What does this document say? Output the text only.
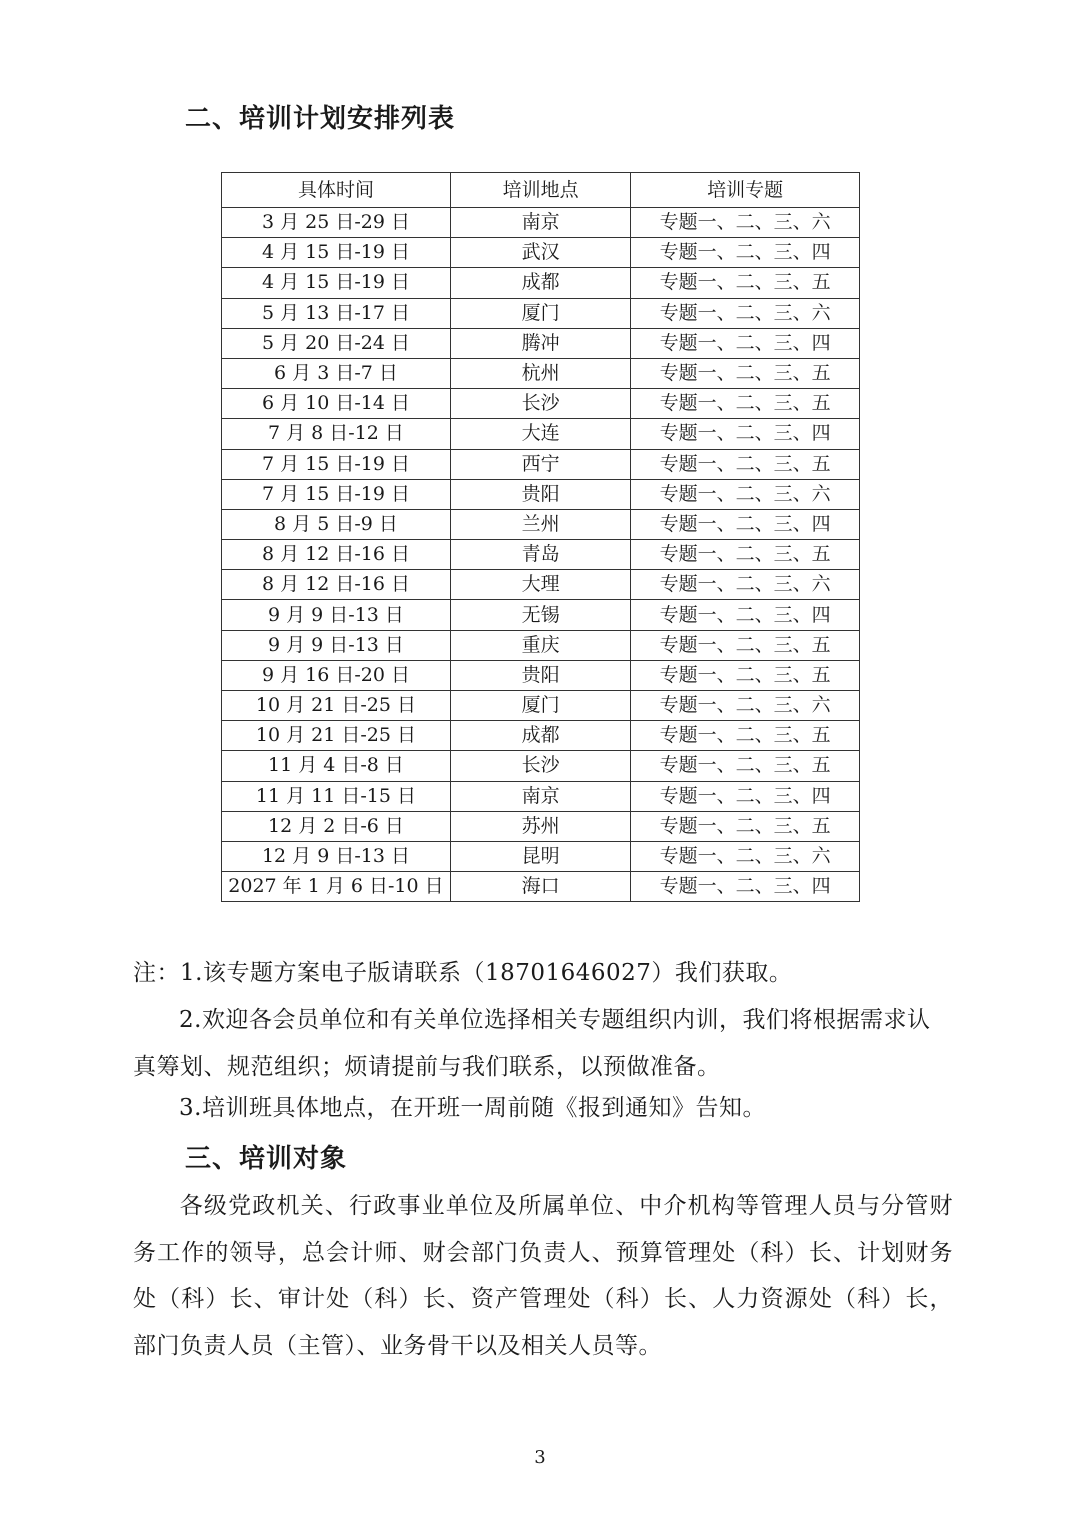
二、培训计划安排列表
具体时间	培训地点	培训专题
3 月 25 日-29 日	南京	专题一、二、三、六
4 月 15 日-19 日	武汉	专题一、二、三、四
4 月 15 日-19 日	成都	专题一、二、三、五
5 月 13 日-17 日	厦门	专题一、二、三、六
5 月 20 日-24 日	腾冲	专题一、二、三、四
6 月 3 日-7 日	杭州	专题一、二、三、五
6 月 10 日-14 日	长沙	专题一、二、三、五
7 月 8 日-12 日	大连	专题一、二、三、四
7 月 15 日-19 日	西宁	专题一、二、三、五
7 月 15 日-19 日	贵阳	专题一、二、三、六
8 月 5 日-9 日	兰州	专题一、二、三、四
8 月 12 日-16 日	青岛	专题一、二、三、五
8 月 12 日-16 日	大理	专题一、二、三、六
9 月 9 日-13 日	无锡	专题一、二、三、四
9 月 9 日-13 日	重庆	专题一、二、三、五
9 月 16 日-20 日	贵阳	专题一、二、三、五
10 月 21 日-25 日	厦门	专题一、二、三、六
10 月 21 日-25 日	成都	专题一、二、三、五
11 月 4 日-8 日	长沙	专题一、二、三、五
11 月 11 日-15 日	南京	专题一、二、三、四
12 月 2 日-6 日	苏州	专题一、二、三、五
12 月 9 日-13 日	昆明	专题一、二、三、六
2027 年 1 月 6 日-10 日	海口	专题一、二、三、四
注：1.该专题方案电子版请联系（18701646027）我们获取。
2.欢迎各会员单位和有关单位选择相关专题组织内训，我们将根据需求认真筹划、规范组织；烦请提前与我们联系，以预做准备。
3.培训班具体地点，在开班一周前随《报到通知》告知。
三、培训对象
各级党政机关、行政事业单位及所属单位、中介机构等管理人员与分管财务工作的领导，总会计师、财会部门负责人、预算管理处（科）长、计划财务处（科）长、审计处（科）长、资产管理处（科）长、人力资源处（科）长，部门负责人员（主管）、业务骨干以及相关人员等。
3
